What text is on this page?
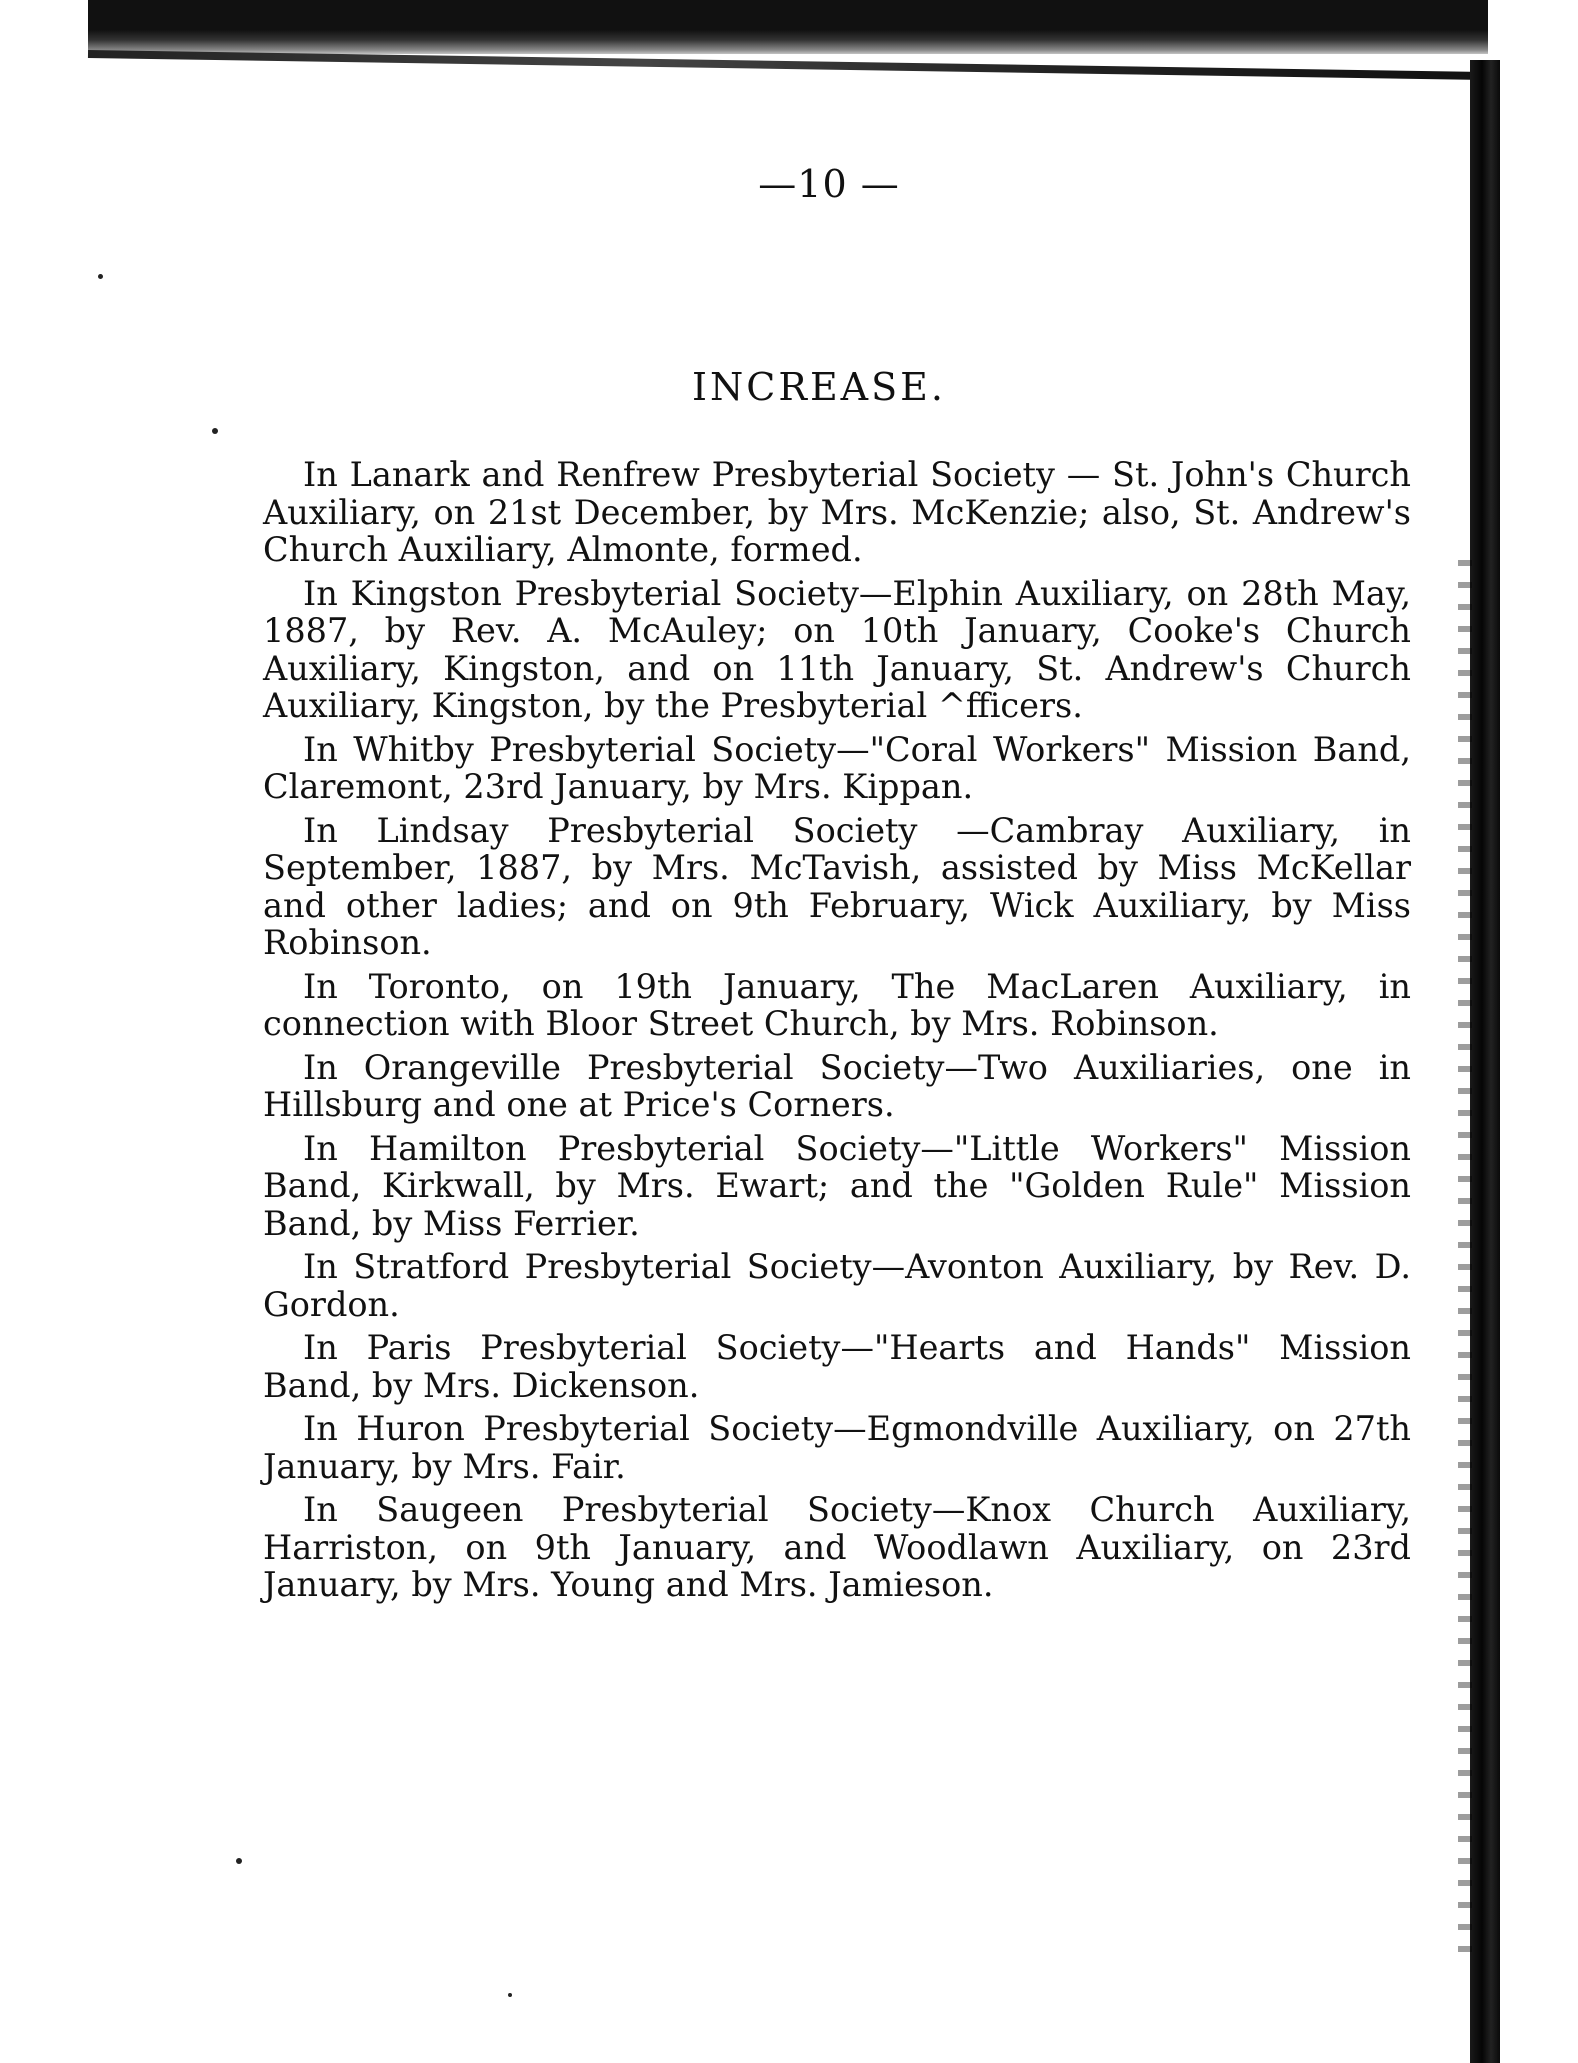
—10 —
INCREASE.

In Lanark and Renfrew Presbyterial Society — St. John's Church Auxiliary, on 21st December, by Mrs. McKenzie; also, St. Andrew's Church Auxiliary, Almonte, formed.

In Kingston Presbyterial Society—Elphin Auxiliary, on 28th May, 1887, by Rev. A. McAuley; on 10th January, Cooke's Church Auxiliary, Kingston, and on 11th January, St. Andrew's Church Auxiliary, Kingston, by the Presbyterial ^fficers.

In Whitby Presbyterial Society—"Coral Workers" Mission Band, Claremont, 23rd January, by Mrs. Kippan.

In Lindsay Presbyterial Society —Cambray Auxiliary, in September, 1887, by Mrs. McTavish, assisted by Miss McKellar and other ladies; and on 9th February, Wick Auxiliary, by Miss Robinson.

In Toronto, on 19th January, The MacLaren Auxiliary, in connection with Bloor Street Church, by Mrs. Robinson.

In Orangeville Presbyterial Society—Two Auxiliaries, one in Hillsburg and one at Price's Corners.

In Hamilton Presbyterial Society—"Little Workers" Mission Band, Kirkwall, by Mrs. Ewart; and the "Golden Rule" Mission Band, by Miss Ferrier.

In Stratford Presbyterial Society—Avonton Auxiliary, by Rev. D. Gordon.

In Paris Presbyterial Society—"Hearts and Hands" Mission Band, by Mrs. Dickenson.

In Huron Presbyterial Society—Egmondville Auxiliary, on 27th January, by Mrs. Fair.

In Saugeen Presbyterial Society—Knox Church Auxiliary, Harriston, on 9th January, and Woodlawn Auxiliary, on 23rd January, by Mrs. Young and Mrs. Jamieson.
